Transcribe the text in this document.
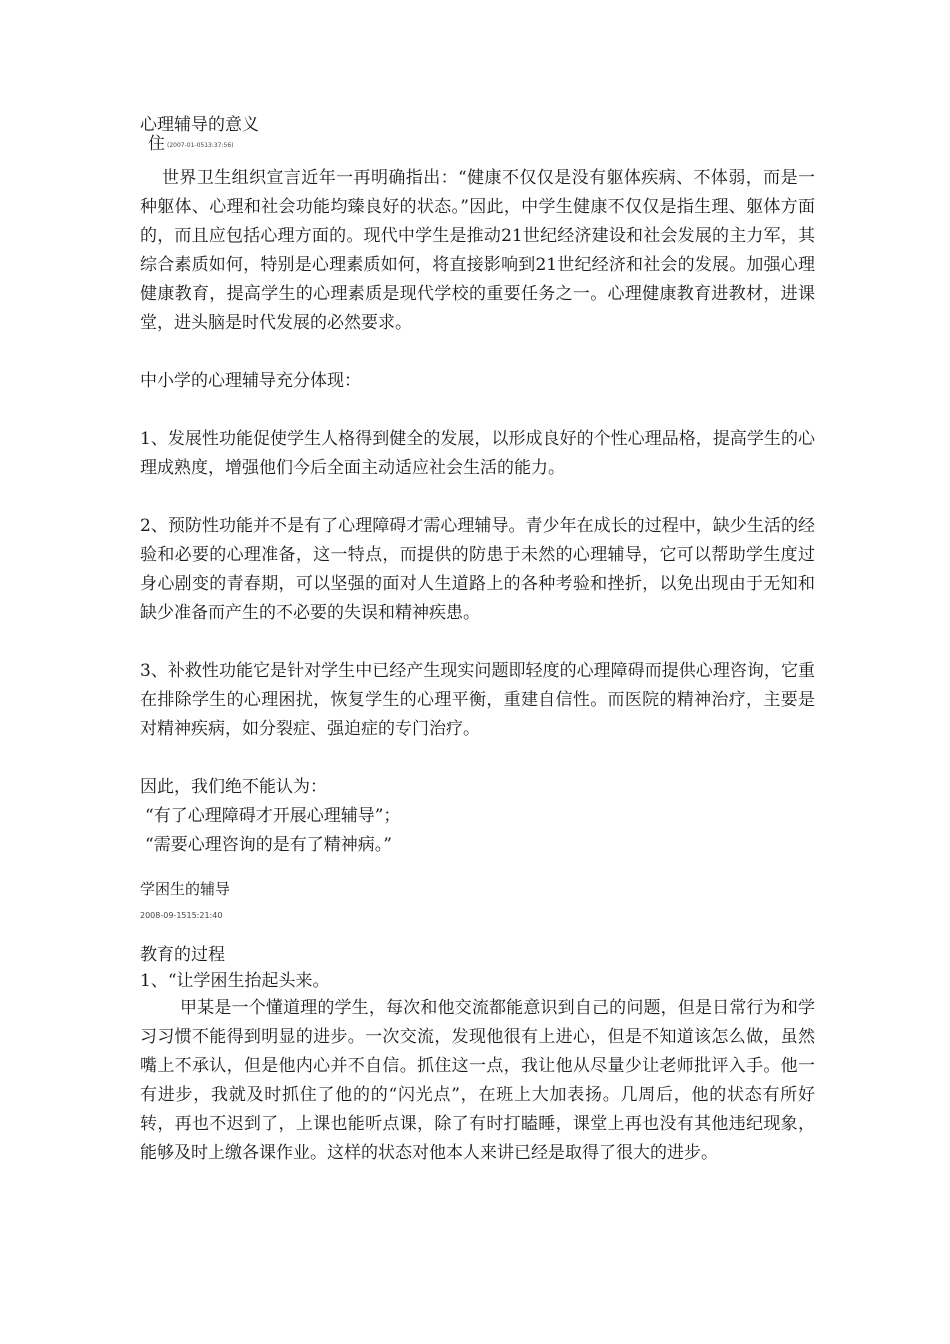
心理辅导的意义

住 (2007-01-0513:37:56)

世界卫生组织宣言近年一再明确指出：“健康不仅仅是没有躯体疾病、不体弱，而是一种躯体、心理和社会功能均臻良好的状态。”因此，中学生健康不仅仅是指生理、躯体方面的，而且应包括心理方面的。现代中学生是推动21世纪经济建设和社会发展的主力军，其综合素质如何，特别是心理素质如何，将直接影响到21世纪经济和社会的发展。加强心理健康教育，提高学生的心理素质是现代学校的重要任务之一。心理健康教育进教材，进课堂，进头脑是时代发展的必然要求。

中小学的心理辅导充分体现：

1、发展性功能促使学生人格得到健全的发展，以形成良好的个性心理品格，提高学生的心理成熟度，增强他们今后全面主动适应社会生活的能力。

2、预防性功能并不是有了心理障碍才需心理辅导。青少年在成长的过程中，缺少生活的经验和必要的心理准备，这一特点，而提供的防患于未然的心理辅导，它可以帮助学生度过身心剧变的青春期，可以坚强的面对人生道路上的各种考验和挫折，以免出现由于无知和缺少准备而产生的不必要的失误和精神疾患。

3、补救性功能它是针对学生中已经产生现实问题即轻度的心理障碍而提供心理咨询，它重在排除学生的心理困扰，恢复学生的心理平衡，重建自信性。而医院的精神治疗，主要是对精神疾病，如分裂症、强迫症的专门治疗。

因此，我们绝不能认为：

“有了心理障碍才开展心理辅导”；

“需要心理咨询的是有了精神病。”

学困生的辅导

2008-09-1515:21:40

教育的过程

1、“让学困生抬起头来。

甲某是一个懂道理的学生，每次和他交流都能意识到自己的问题，但是日常行为和学习习惯不能得到明显的进步。一次交流，发现他很有上进心，但是不知道该怎么做，虽然嘴上不承认，但是他内心并不自信。抓住这一点，我让他从尽量少让老师批评入手。他一有进步，我就及时抓住了他的的“闪光点”，在班上大加表扬。几周后，他的状态有所好转，再也不迟到了，上课也能听点课，除了有时打瞌睡，课堂上再也没有其他违纪现象，能够及时上缴各课作业。这样的状态对他本人来讲已经是取得了很大的进步。
